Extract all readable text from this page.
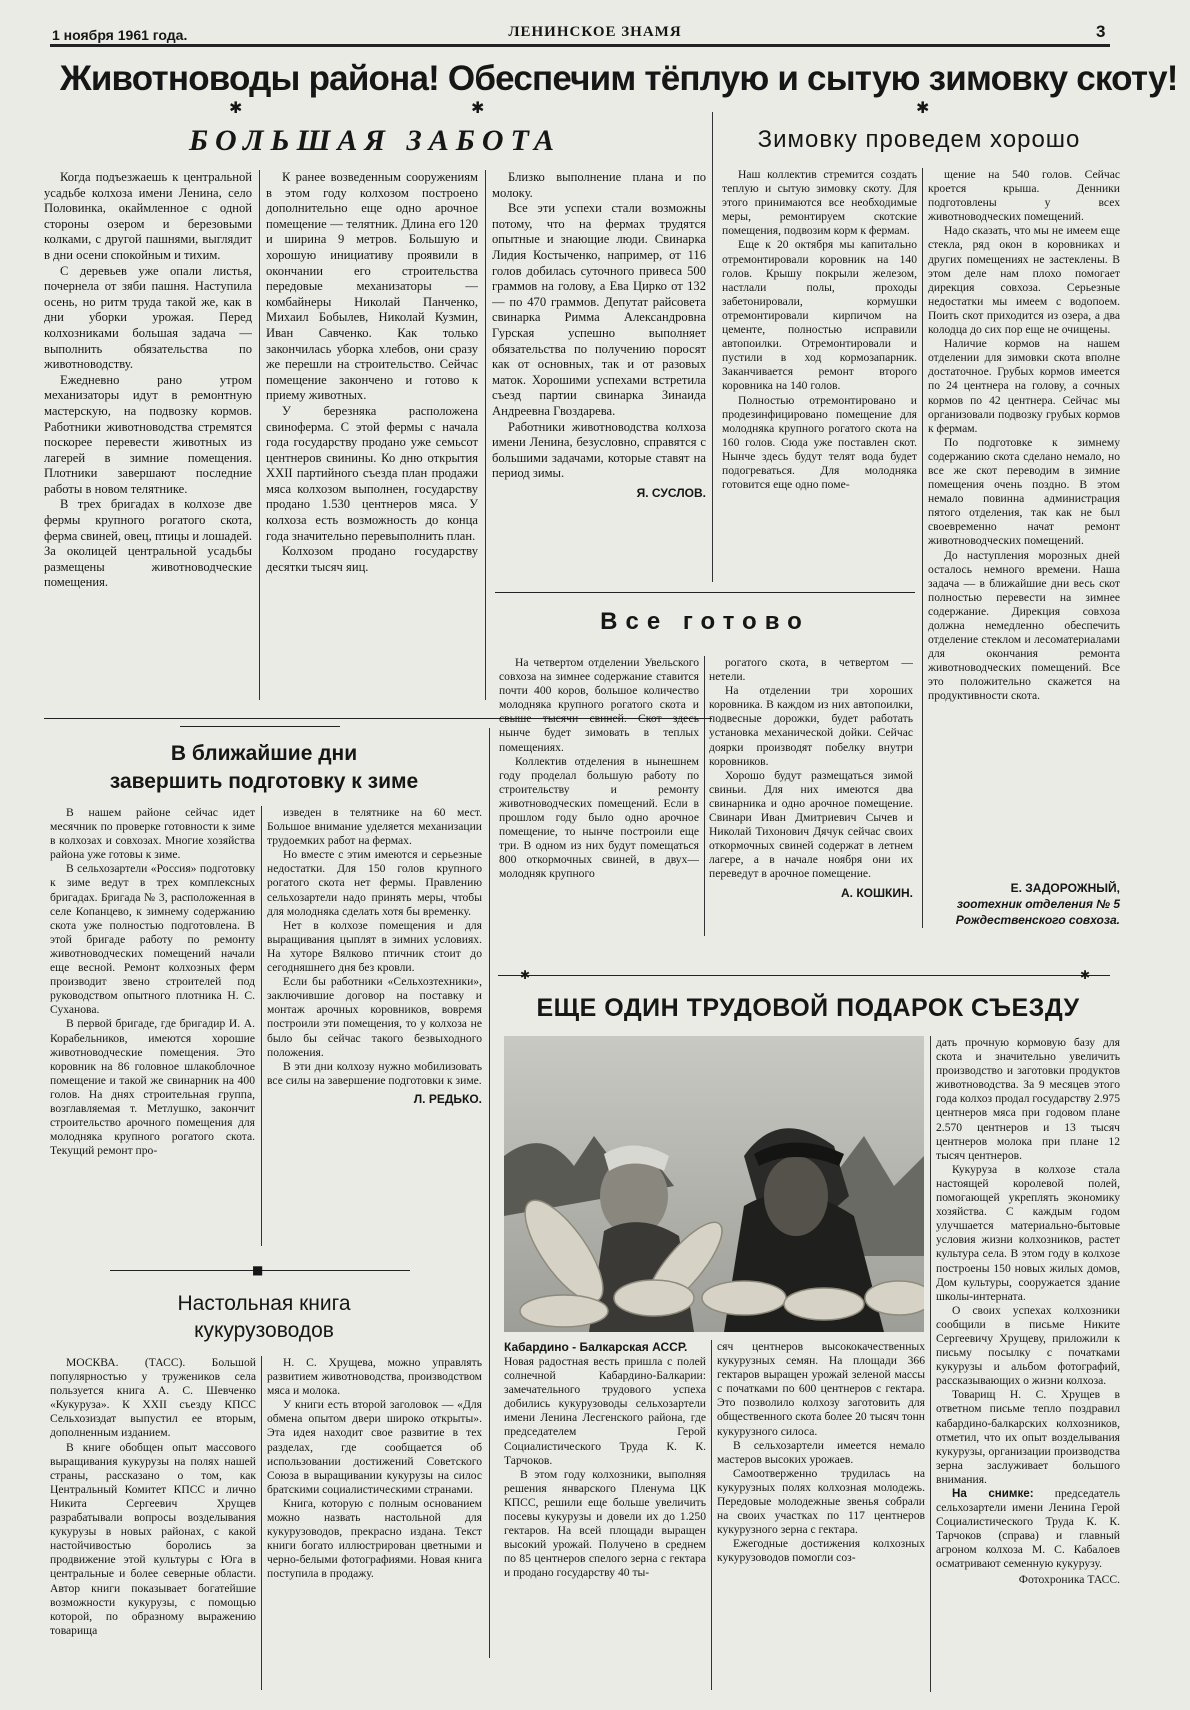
1 ноября 1961 года.	ЛЕНИНСКОЕ ЗНАМЯ	3
Животноводы района! Обеспечим тёплую и сытую зимовку скоту!
✱	✱	✱
БОЛЬШАЯ ЗАБОТА

Когда подъезжаешь к центральной усадьбе колхоза имени Ленина, село Половинка, окаймленное с одной стороны озером и березовыми колками, с другой пашнями, выглядит в дни осени спокойным и тихим.

С деревьев уже опали листья, почернела от зяби пашня. Наступила осень, но ритм труда такой же, как в дни уборки урожая. Перед колхозниками большая задача — выполнить обязательства по животноводству.

Ежедневно рано утром механизаторы идут в ремонтную мастерскую, на подвозку кормов. Работники животноводства стремятся поскорее перевести животных из лагерей в зимние помещения. Плотники завершают последние работы в новом телятнике.

В трех бригадах в колхозе две фермы крупного рогатого скота, ферма свиней, овец, птицы и лошадей. За околицей центральной усадьбы размещены животноводческие помещения.

К ранее возведенным сооружениям в этом году колхозом построено дополнительно еще одно арочное помещение — телятник. Длина его 120 и ширина 9 метров. Большую и хорошую инициативу проявили в окончании его строительства передовые механизаторы —комбайнеры Николай Панченко, Михаил Бобылев, Николай Кузмин, Иван Савченко. Как только закончилась уборка хлебов, они сразу же перешли на строительство. Сейчас помещение закончено и готово к приему животных.

У березняка расположена свиноферма. С этой фермы с начала года государству продано уже семьсот центнеров свинины. Ко дню открытия XXII партийного съезда план продажи мяса колхозом выполнен, государству продано 1.530 центнеров мяса. У колхоза есть возможность до конца года значительно перевыполнить план.

Колхозом продано государству десятки тысяч яиц.

Близко выполнение плана и по молоку.

Все эти успехи стали возможны потому, что на фермах трудятся опытные и знающие люди. Свинарка Лидия Костыченко, например, от 116 голов добилась суточного привеса 500 граммов на голову, а Ева Цирко от 132 — по 470 граммов. Депутат райсовета свинарка Римма Александровна Гурская успешно выполняет обязательства по получению поросят как от основных, так и от разовых маток. Хорошими успехами встретила съезд партии свинарка Зинаида Андреевна Гвоздарева.

Работники животноводства колхоза имени Ленина, безусловно, справятся с большими задачами, которые ставят на период зимы.

Я. СУСЛОВ.
Зимовку проведем хорошо

Наш коллектив стремится создать теплую и сытую зимовку скоту. Для этого принимаются все необходимые меры, ремонтируем скотские помещения, подвозим корм к фермам.

Еще к 20 октября мы капитально отремонтировали коровник на 140 голов. Крышу покрыли железом, настлали полы, проходы забетонировали, кормушки отремонтировали кирпичом на цементе, полностью исправили автопоилки. Отремонтировали и пустили в ход кормозапарник. Заканчивается ремонт второго коровника на 140 голов.

Полностью отремонтировано и продезинфицировано помещение для молодняка крупного рогатого скота на 160 голов. Сюда уже поставлен скот. Нынче здесь будут телят вода будет подогреваться. Для молодняка готовится еще одно поме-

щение на 540 голов. Сейчас кроется крыша. Денники подготовлены у всех животноводческих помещений.

Надо сказать, что мы не имеем еще стекла, ряд окон в коровниках и других помещениях не застеклены. В этом деле нам плохо помогает дирекция совхоза. Серьезные недостатки мы имеем с водопоем. Поить скот приходится из озера, а два колодца до сих пор еще не очищены.

Наличие кормов на нашем отделении для зимовки скота вполне достаточное. Грубых кормов имеется по 24 центнера на голову, а сочных кормов по 42 центнера. Сейчас мы организовали подвозку грубых кормов к фермам.

По подготовке к зимнему содержанию скота сделано немало, но все же скот переводим в зимние помещения очень поздно. В этом немало повинна администрация пятого отделения, так как не был своевременно начат ремонт животноводческих помещений.

До наступления морозных дней осталось немного времени. Наша задача — в ближайшие дни весь скот полностью перевести на зимнее содержание. Дирекция совхоза должна немедленно обеспечить отделение стеклом и лесоматериалами для окончания ремонта животноводческих помещений. Все это положительно скажется на продуктивности скота.

Е. ЗАДОРОЖНЫЙ,
зоотехник отделения № 5
Рождественского совхоза.
Все готово

На четвертом отделении Увельского совхоза на зимнее содержание ставится почти 400 коров, большое количество молодняка крупного рогатого скота и свыше тысячи свиней. Скот здесь нынче будет зимовать в теплых помещениях.

Коллектив отделения в нынешнем году проделал большую работу по строительству и ремонту животноводческих помещений. Если в прошлом году было одно арочное помещение, то нынче построили еще три. В одном из них будут помещаться 800 откормочных свиней, в двух—молодняк крупного

рогатого скота, в четвертом — нетели.

На отделении три хороших коровника. В каждом из них автопоилки, подвесные дорожки, будет работать установка механической дойки. Сейчас доярки производят побелку внутри коровников.

Хорошо будут размещаться зимой свиньи. Для них имеются два свинарника и одно арочное помещение. Свинари Иван Дмитриевич Сычев и Николай Тихонович Дячук сейчас своих откормочных свиней содержат в летнем лагере, а в начале ноября они их переведут в арочное помещение.

А. КОШКИН.
В ближайшие дни
завершить подготовку к зиме

В нашем районе сейчас идет месячник по проверке готовности к зиме в колхозах и совхозах. Многие хозяйства района уже готовы к зиме.

В сельхозартели «Россия» подготовку к зиме ведут в трех комплексных бригадах. Бригада № 3, расположенная в селе Копанцево, к зимнему содержанию скота уже полностью подготовлена. В этой бригаде работу по ремонту животноводческих помещений начали еще весной. Ремонт колхозных ферм производит звено строителей под руководством опытного плотника Н. С. Суханова.

В первой бригаде, где бригадир И. А. Корабельников, имеются хорошие животноводческие помещения. Это коровник на 86 головное шлакоблочное помещение и такой же свинарник на 400 голов. На днях строительная группа, возглавляемая т. Метлушко, закончит строительство арочного помещения для молодняка крупного рогатого скота. Текущий ремонт про-

изведен в телятнике на 60 мест. Большое внимание уделяется механизации трудоемких работ на фермах.

Но вместе с этим имеются и серьезные недостатки. Для 150 голов крупного рогатого скота нет фермы. Правлению сельхозартели надо принять меры, чтобы для молодняка сделать хотя бы временку.

Нет в колхозе помещения и для выращивания цыплят в зимних условиях. На хуторе Вялково птичник стоит до сегодняшнего дня без кровли.

Если бы работники «Сельхозтехники», заключившие договор на поставку и монтаж арочных коровников, вовремя построили эти помещения, то у колхоза не было бы сейчас такого безвыходного положения.

В эти дни колхозу нужно мобилизовать все силы на завершение подготовки к зиме.

Л. РЕДЬКО.
■
Настольная книга
кукурузоводов

МОСКВА. (ТАСС). Большой популярностью у тружеников села пользуется книга А. С. Шевченко «Кукуруза». К XXII съезду КПСС Сельхозиздат выпустил ее вторым, дополненным изданием.

В книге обобщен опыт массового выращивания кукурузы на полях нашей страны, рассказано о том, как Центральный Комитет КПСС и лично Никита Сергеевич Хрущев разрабатывали вопросы возделывания кукурузы в новых районах, с какой настойчивостью боролись за продвижение этой культуры с Юга в центральные и более северные области. Автор книги показывает богатейшие возможности кукурузы, с помощью которой, по образному выражению товарища

Н. С. Хрущева, можно управлять развитием животноводства, производством мяса и молока.

У книги есть второй заголовок — «Для обмена опытом двери широко открыты». Эта идея находит свое развитие в тех разделах, где сообщается об использовании достижений Советского Союза в выращивании кукурузы на силос братскими социалистическими странами.

Книга, которую с полным основанием можно назвать настольной для кукурузоводов, прекрасно издана. Текст книги богато иллюстрирован цветными и черно-белыми фотографиями. Новая книга поступила в продажу.

✱	✱
ЕЩЕ ОДИН ТРУДОВОЙ ПОДАРОК СЪЕЗДУ
Кабардино - Балкарская АССР.

Новая радостная весть пришла с полей солнечной Кабардино-Балкарии: замечательного трудового успеха добились кукурузоводы сельхозартели имени Ленина Лесгенского района, где председателем Герой Социалистического Труда К. К. Тарчоков.

В этом году колхозники, выполняя решения январского Пленума ЦК КПСС, решили еще больше увеличить посевы кукурузы и довели их до 1.250 гектаров. На всей площади выращен высокий урожай. Получено в среднем по 85 центнеров спелого зерна с гектара и продано государству 40 ты-

сяч центнеров высококачественных кукурузных семян. На площади 366 гектаров выращен урожай зеленой массы с початками по 600 центнеров с гектара. Это позволило колхозу заготовить для общественного скота более 20 тысяч тонн кукурузного силоса.

В сельхозартели имеется немало мастеров высоких урожаев.

Самоотверженно трудилась на кукурузных полях колхозная молодежь. Передовые молодежные звенья собрали на своих участках по 117 центнеров кукурузного зерна с гектара.

Ежегодные достижения колхозных кукурузоводов помогли соз-

дать прочную кормовую базу для скота и значительно увеличить производство и заготовки продуктов животноводства. За 9 месяцев этого года колхоз продал государству 2.975 центнеров мяса при годовом плане 2.570 центнеров и 13 тысяч центнеров молока при плане 12 тысяч центнеров.

Кукуруза в колхозе стала настоящей королевой полей, помогающей укреплять экономику хозяйства. С каждым годом улучшается материально-бытовые условия жизни колхозников, растет культура села. В этом году в колхозе построены 150 новых жилых домов, Дом культуры, сооружается здание школы-интерната.

О своих успехах колхозники сообщили в письме Никите Сергеевичу Хрущеву, приложили к письму посылку с початками кукурузы и альбом фотографий, рассказывающих о жизни колхоза.

Товарищ Н. С. Хрущев в ответном письме тепло поздравил кабардино-балкарских колхозников, отметил, что их опыт возделывания кукурузы, организации производства зерна заслуживает большого внимания.

На снимке: председатель сельхозартели имени Ленина Герой Социалистического Труда К. К. Тарчоков (справа) и главный агроном колхоза М. С. Кабалоев осматривают семенную кукурузу.

Фотохроника ТАСС.
